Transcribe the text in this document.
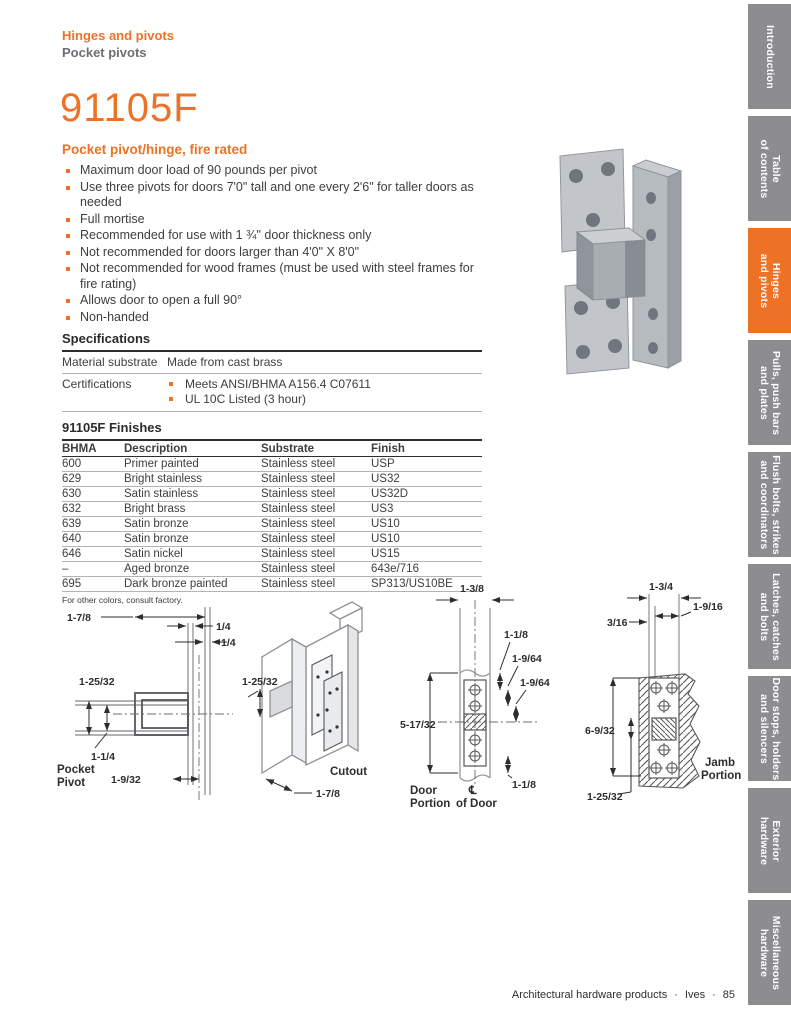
Hinges and pivots
Pocket pivots
91105F
Pocket pivot/hinge, fire rated
Maximum door load of 90 pounds per pivot
Use three pivots for doors 7'0" tall and one every 2'6" for taller doors as needed
Full mortise
Recommended for use with 1 ¾" door thickness only
Not recommended for doors larger than 4'0" X 8'0"
Not recommended for wood frames (must be used with steel frames for fire rating)
Allows door to open a full 90°
Non-handed
Specifications
Material substrate Made from cast brass
Certifications	Meets ANSI/BHMA A156.4 C07611
UL 10C Listed (3 hour)
91105F Finishes
BHMA	Description	Substrate	Finish
600	Primer painted	Stainless steel	USP
629	Bright stainless	Stainless steel	US32
630	Satin stainless	Stainless steel	US32D
632	Bright brass	Stainless steel	US3
639	Satin bronze	Stainless steel	US10
640	Satin bronze	Stainless steel	US10
646	Satin nickel	Stainless steel	US15
–	Aged bronze	Stainless steel	643e/716
695	Dark bronze painted	Stainless steel	SP313/US10BE
For other colors, consult factory.
1-7/8
1/4
1/4
1-25/32
1-1/4
1-9/32
Pocket
Pivot
1-25/32
Cutout
1-7/8
1-3/8
1-1/8
1-9/64
1-9/64
5-17/32
1-1/8
Door
Portion
℄
of Door
1-3/4
1-9/16
3/16
6-9/32
1-25/32
Jamb
Portion
Architectural hardware products · Ives · 85
Introduction
Table
of contents
Hinges
and pivots
Pulls, push bars
and plates
Flush bolts, strikes
and coordinators
Latches, catches
and bolts
Door stops, holders
and silencers
Exterior
hardware
Miscellaneous
hardware
